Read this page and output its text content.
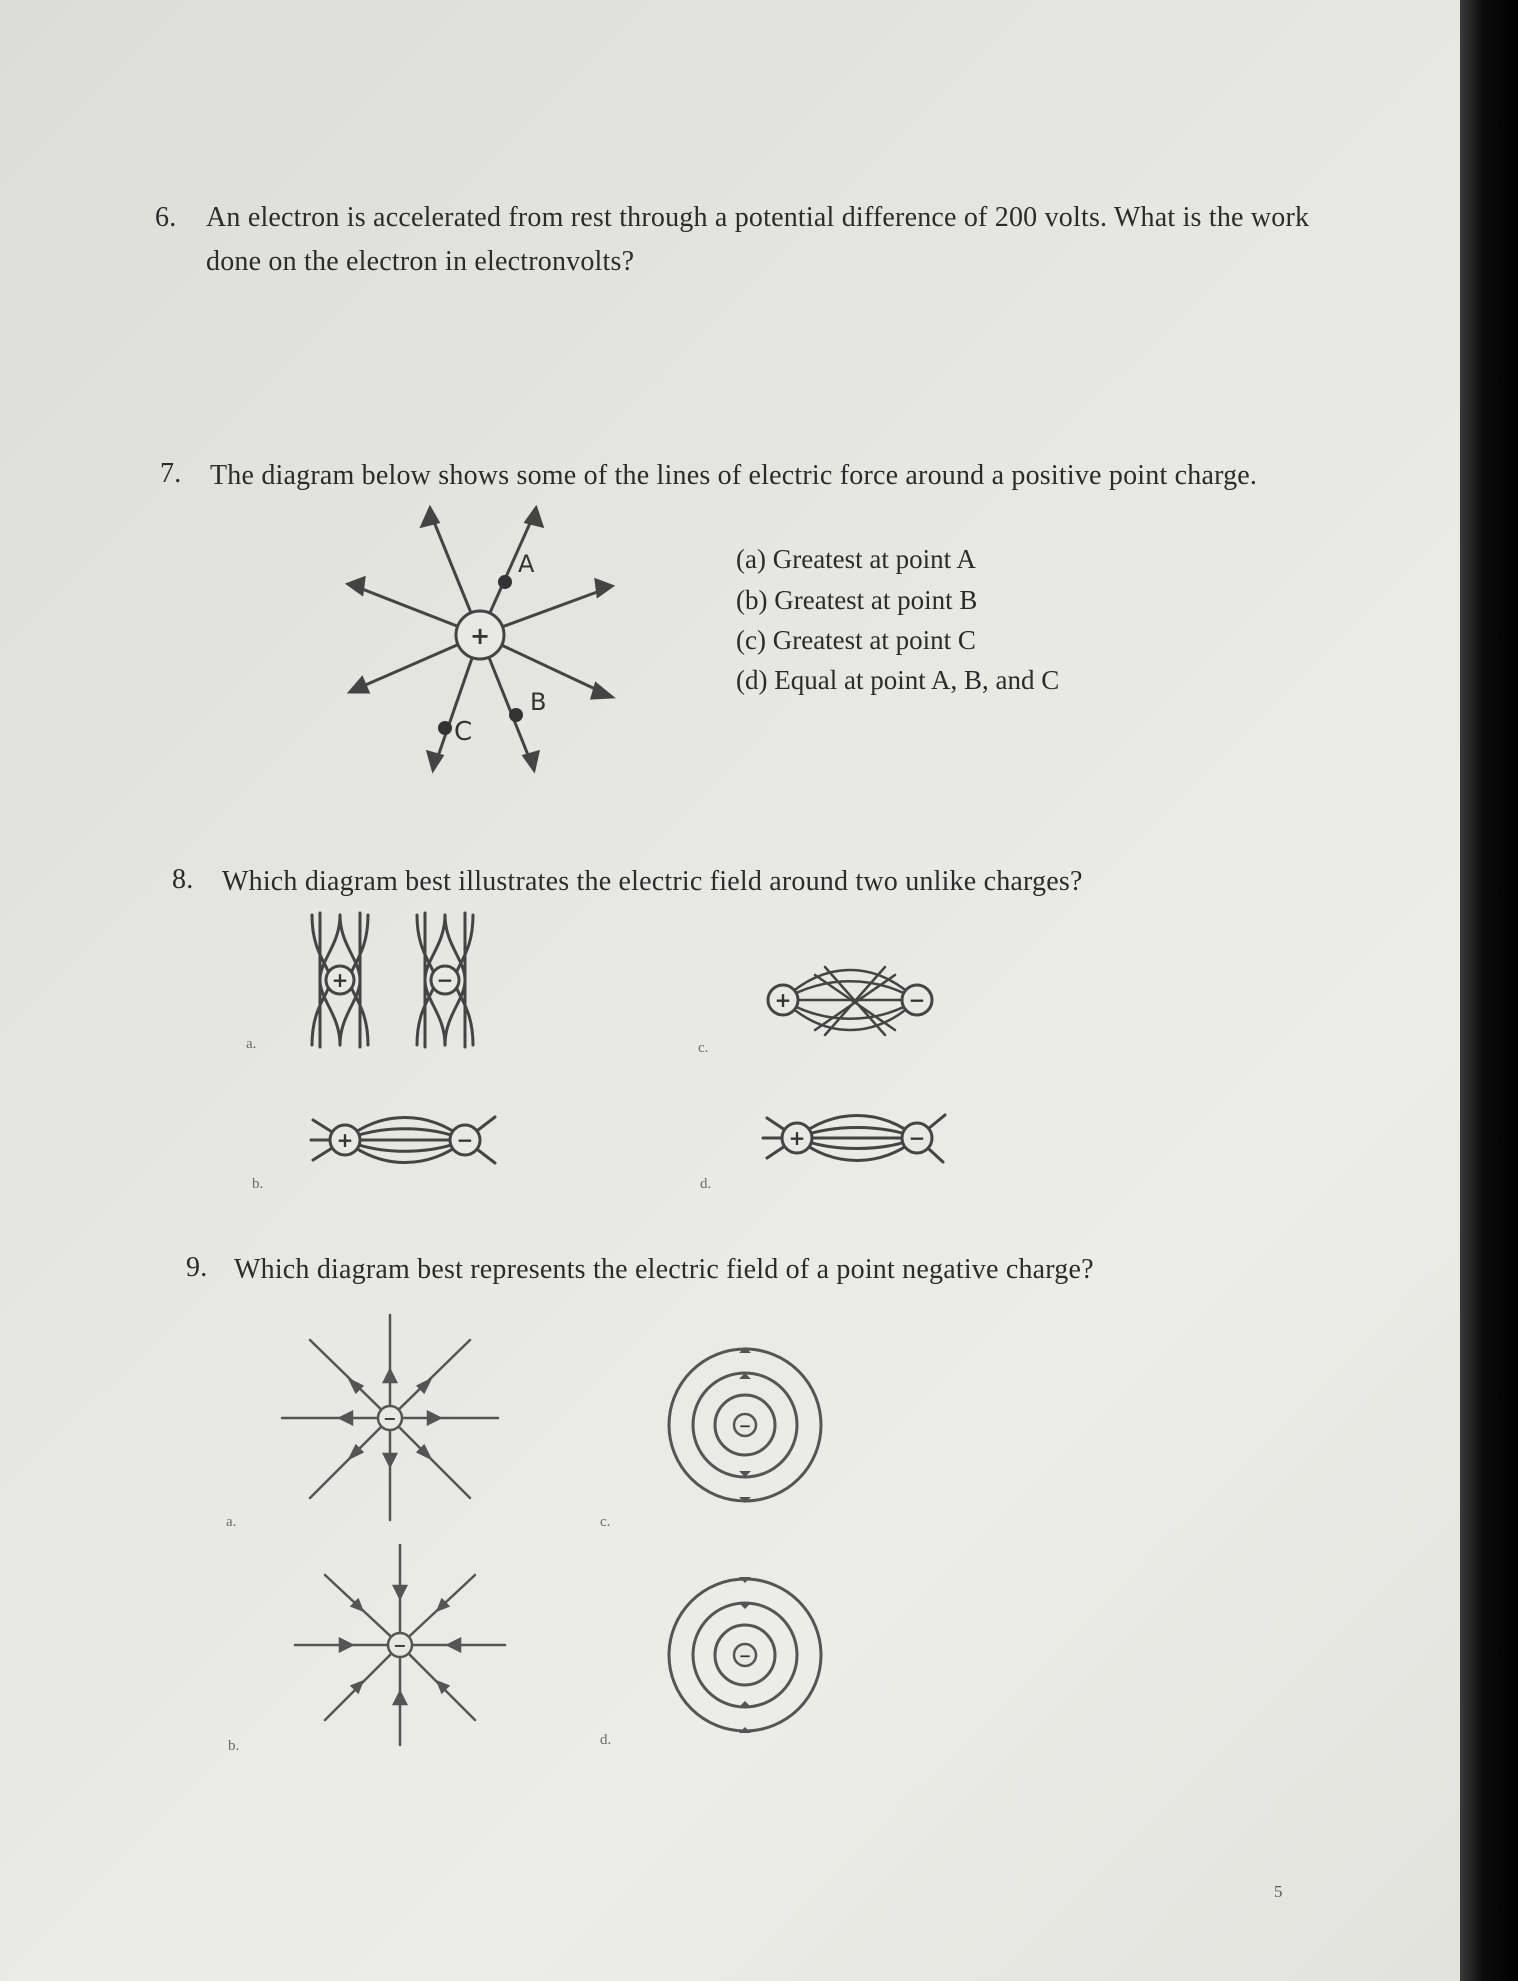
6. An electron is accelerated from rest through a potential difference of 200 volts. What is the work
done on the electron in electronvolts?
7. The diagram below shows some of the lines of electric force around a positive point charge.
+
A
B
C
(a) Greatest at point A
(b) Greatest at point B
(c) Greatest at point C
(d) Equal at point A, B, and C
8. Which diagram best illustrates the electric field around two unlike charges?
+	−
a.
+	−
c.
+	−
b.
+	−
d.
9. Which diagram best represents the electric field of a point negative charge?
−
a.
−
c.
−
b.
−
d.
5
